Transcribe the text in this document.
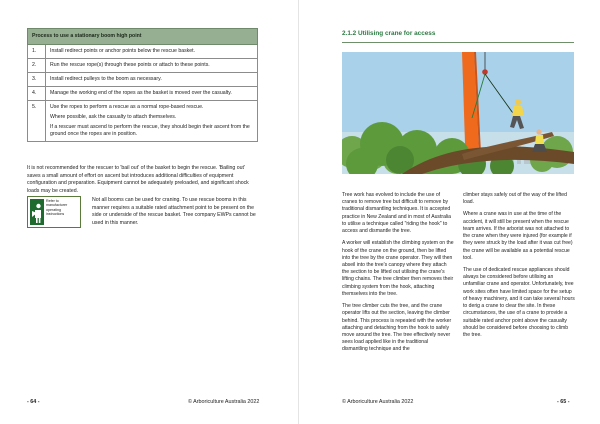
Process to use a stationary boom high point	
1.	Install redirect points or anchor points below the rescue basket.

2.	Run the rescue rope(s) through these points or attach to these points.

3.	Install redirect pulleys to the boom as necessary.

4.	Manage the working end of the ropes as the basket is moved over the casualty.

5.	Use the ropes to perform a rescue as a normal rope-based rescue.

Where possible, ask the casualty to attach themselves.

If a rescuer must ascend to perform the rescue, they should begin their ascent from the ground once the ropes are in position.

It is not recommended for the rescuer to 'bail out' of the basket to begin the rescue. 'Bailing out' saves a small amount of effort on ascent but introduces additional difficulties of equipment configuration and preparation. Equipment cannot be adequately preloaded, and significant shock loads may be created.

Refer to manufacturer operating instructions

Not all booms can be used for craning. To use rescue booms in this manner requires a suitable rated attachment point to be present on the side or underside of the rescue basket. Tree company EWPs cannot be used in this manner.

- 64 -	© Arboriculture Australia 2022
2.1.2 Utilising crane for access

Tree work has evolved to include the use of cranes to remove tree but difficult to remove by traditional dismantling techniques. It is accepted practice in New Zealand and in most of Australia to utilise a technique called "riding the hook" to access and dismantle the tree.

A worker will establish the climbing system on the hook of the crane on the ground, then be lifted into the tree by the crane operator. They will then abseil into the tree's canopy where they attach the section to be lifted out utilising the crane's lifting chains. The tree climber then removes their climbing system from the hook, attaching themselves into the tree.

The tree climber cuts the tree, and the crane operator lifts out the section, leaving the climber behind. This process is repeated with the worker attaching and detaching from the hook to safely move around the tree. The tree effectively never sees load applied like in the traditional dismantling technique and the

climber stays safely out of the way of the lifted load.

Where a crane was in use at the time of the accident, it will still be present when the rescue team arrives. If the arborist was not attached to the crane when they were injured (for example if they were struck by the load after it was cut free) the crane will be available as a potential rescue tool.

The use of dedicated rescue appliances should always be considered before utilising an unfamiliar crane and operator. Unfortunately, tree work sites often have limited space for the setup of heavy machinery, and it can take several hours to derig a crane to clear the site. In these circumstances, the use of a crane to provide a suitable rated anchor point above the casualty should be considered before choosing to climb the tree.

© Arboriculture Australia 2022	- 65 -
